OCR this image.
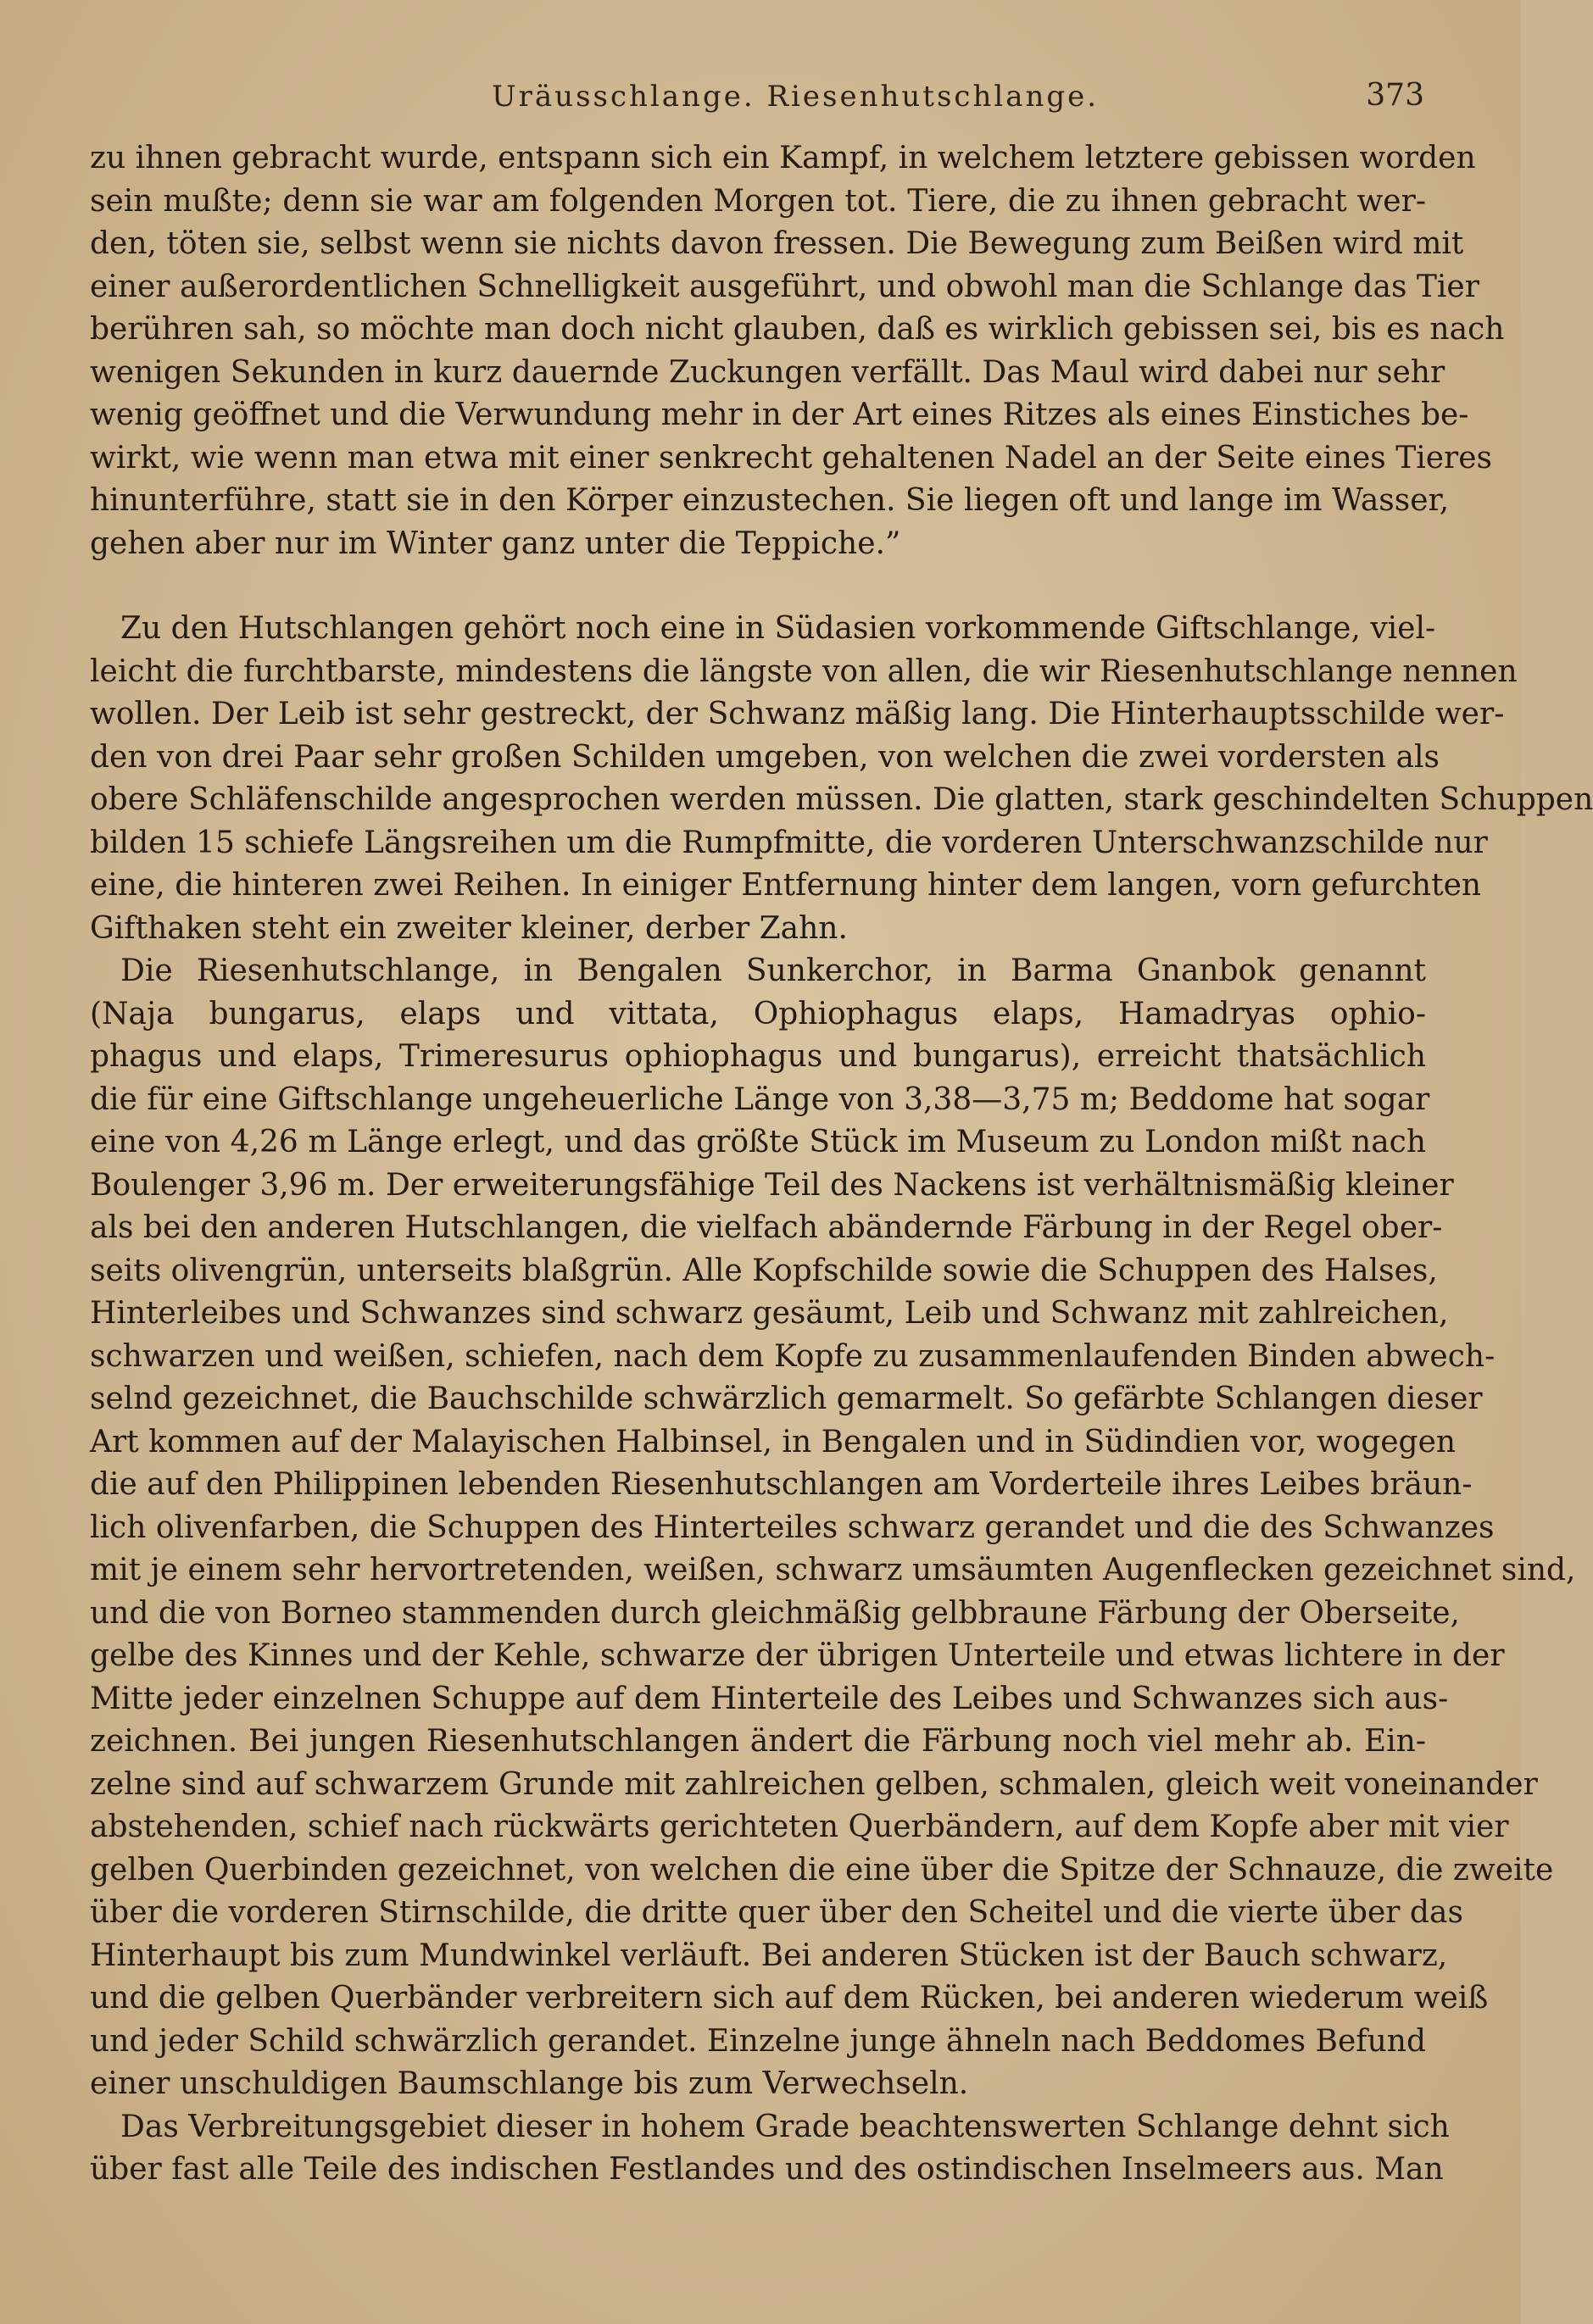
Uräusschlange. Riesenhutschlange.	373
zu ihnen gebracht wurde, entspann sich ein Kampf, in welchem letztere gebissen worden
sein mußte; denn sie war am folgenden Morgen tot. Tiere, die zu ihnen gebracht wer-
den, töten sie, selbst wenn sie nichts davon fressen. Die Bewegung zum Beißen wird mit
einer außerordentlichen Schnelligkeit ausgeführt, und obwohl man die Schlange das Tier
berühren sah, so möchte man doch nicht glauben, daß es wirklich gebissen sei, bis es nach
wenigen Sekunden in kurz dauernde Zuckungen verfällt. Das Maul wird dabei nur sehr
wenig geöffnet und die Verwundung mehr in der Art eines Ritzes als eines Einstiches be-
wirkt, wie wenn man etwa mit einer senkrecht gehaltenen Nadel an der Seite eines Tieres
hinunterführe, statt sie in den Körper einzustechen. Sie liegen oft und lange im Wasser,
gehen aber nur im Winter ganz unter die Teppiche.”
Zu den Hutschlangen gehört noch eine in Südasien vorkommende Giftschlange, viel-
leicht die furchtbarste, mindestens die längste von allen, die wir Riesenhutschlange nennen
wollen. Der Leib ist sehr gestreckt, der Schwanz mäßig lang. Die Hinterhauptsschilde wer-
den von drei Paar sehr großen Schilden umgeben, von welchen die zwei vordersten als
obere Schläfenschilde angesprochen werden müssen. Die glatten, stark geschindelten Schuppen
bilden 15 schiefe Längsreihen um die Rumpfmitte, die vorderen Unterschwanzschilde nur
eine, die hinteren zwei Reihen. In einiger Entfernung hinter dem langen, vorn gefurchten
Gifthaken steht ein zweiter kleiner, derber Zahn.
Die Riesenhutschlange, in Bengalen Sunkerchor, in Barma Gnanbok genannt
(Naja bungarus, elaps und vittata, Ophiophagus elaps, Hamadryas ophio-
phagus und elaps, Trimeresurus ophiophagus und bungarus), erreicht thatsächlich
die für eine Giftschlange ungeheuerliche Länge von 3,38—3,75 m; Beddome hat sogar
eine von 4,26 m Länge erlegt, und das größte Stück im Museum zu London mißt nach
Boulenger 3,96 m. Der erweiterungsfähige Teil des Nackens ist verhältnismäßig kleiner
als bei den anderen Hutschlangen, die vielfach abändernde Färbung in der Regel ober-
seits olivengrün, unterseits blaßgrün. Alle Kopfschilde sowie die Schuppen des Halses,
Hinterleibes und Schwanzes sind schwarz gesäumt, Leib und Schwanz mit zahlreichen,
schwarzen und weißen, schiefen, nach dem Kopfe zu zusammenlaufenden Binden abwech-
selnd gezeichnet, die Bauchschilde schwärzlich gemarmelt. So gefärbte Schlangen dieser
Art kommen auf der Malayischen Halbinsel, in Bengalen und in Südindien vor, wogegen
die auf den Philippinen lebenden Riesenhutschlangen am Vorderteile ihres Leibes bräun-
lich olivenfarben, die Schuppen des Hinterteiles schwarz gerandet und die des Schwanzes
mit je einem sehr hervortretenden, weißen, schwarz umsäumten Augenflecken gezeichnet sind,
und die von Borneo stammenden durch gleichmäßig gelbbraune Färbung der Oberseite,
gelbe des Kinnes und der Kehle, schwarze der übrigen Unterteile und etwas lichtere in der
Mitte jeder einzelnen Schuppe auf dem Hinterteile des Leibes und Schwanzes sich aus-
zeichnen. Bei jungen Riesenhutschlangen ändert die Färbung noch viel mehr ab. Ein-
zelne sind auf schwarzem Grunde mit zahlreichen gelben, schmalen, gleich weit voneinander
abstehenden, schief nach rückwärts gerichteten Querbändern, auf dem Kopfe aber mit vier
gelben Querbinden gezeichnet, von welchen die eine über die Spitze der Schnauze, die zweite
über die vorderen Stirnschilde, die dritte quer über den Scheitel und die vierte über das
Hinterhaupt bis zum Mundwinkel verläuft. Bei anderen Stücken ist der Bauch schwarz,
und die gelben Querbänder verbreitern sich auf dem Rücken, bei anderen wiederum weiß
und jeder Schild schwärzlich gerandet. Einzelne junge ähneln nach Beddomes Befund
einer unschuldigen Baumschlange bis zum Verwechseln.
Das Verbreitungsgebiet dieser in hohem Grade beachtenswerten Schlange dehnt sich
über fast alle Teile des indischen Festlandes und des ostindischen Inselmeers aus. Man
